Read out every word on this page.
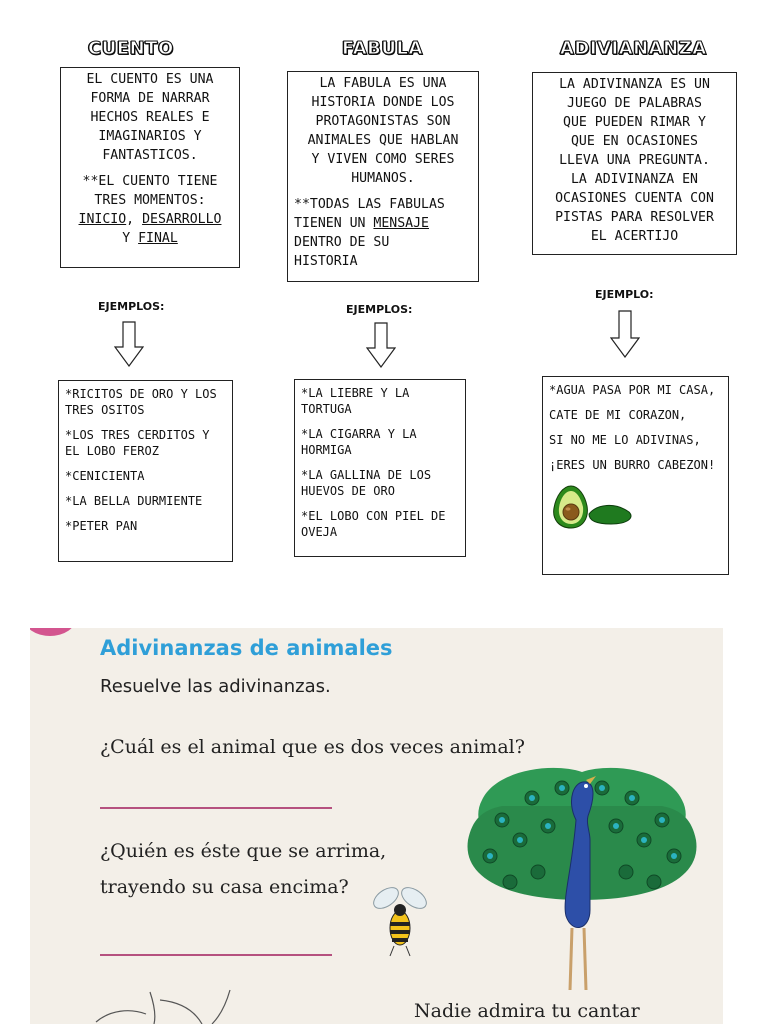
CUENTO	FABULA	ADIVIANANZA

EL CUENTO ES UNA

FORMA DE NARRAR

HECHOS REALES E

IMAGINARIOS Y

FANTASTICOS.

**EL CUENTO TIENE

TRES MOMENTOS:

INICIO, DESARROLLO

Y FINAL

LA FABULA ES UNA

HISTORIA DONDE LOS

PROTAGONISTAS SON

ANIMALES QUE HABLAN

Y VIVEN COMO SERES

HUMANOS.

**TODAS LAS FABULAS

TIENEN UN MENSAJE

DENTRO DE SU

HISTORIA

LA ADIVINANZA ES UN

JUEGO DE PALABRAS

QUE PUEDEN RIMAR Y

QUE EN OCASIONES

LLEVA UNA PREGUNTA.

LA ADIVINANZA EN

OCASIONES CUENTA CON

PISTAS PARA RESOLVER

EL ACERTIJO

EJEMPLOS:	EJEMPLOS:
EJEMPLO:

*RICITOS DE ORO Y LOS TRES OSITOS

*LOS TRES CERDITOS Y EL LOBO FEROZ

*CENICIENTA

*LA BELLA DURMIENTE

*PETER PAN

*LA LIEBRE Y LA TORTUGA

*LA CIGARRA Y LA HORMIGA

*LA GALLINA DE LOS HUEVOS DE ORO

*EL LOBO CON PIEL DE OVEJA

*AGUA PASA POR MI CASA,

CATE DE MI CORAZON,

SI NO ME LO ADIVINAS,

¡ERES UN BURRO CABEZON!

Adivinanzas de animales
Resuelve las adivinanzas.
¿Cuál es el animal que es dos veces animal?
¿Quién es éste que se arrima,
trayendo su casa encima?
Nadie admira tu cantar
